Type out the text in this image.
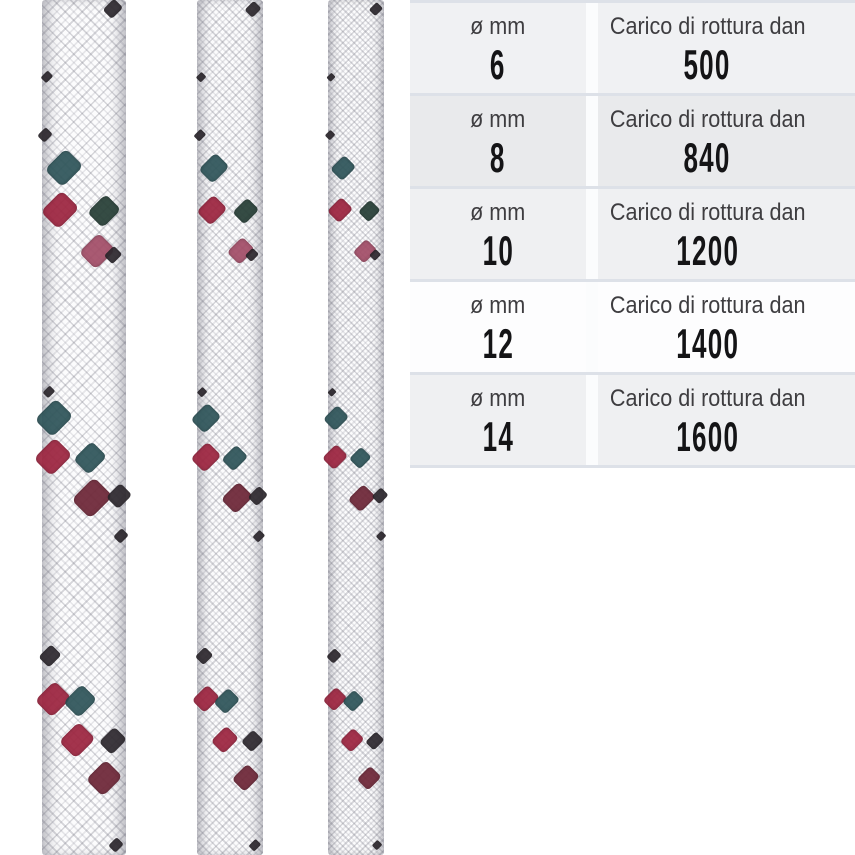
ø mm
6
Carico di rottura dan
500
ø mm
8
Carico di rottura dan
840
ø mm
10
Carico di rottura dan
1200
ø mm
12
Carico di rottura dan
1400
ø mm
14
Carico di rottura dan
1600
